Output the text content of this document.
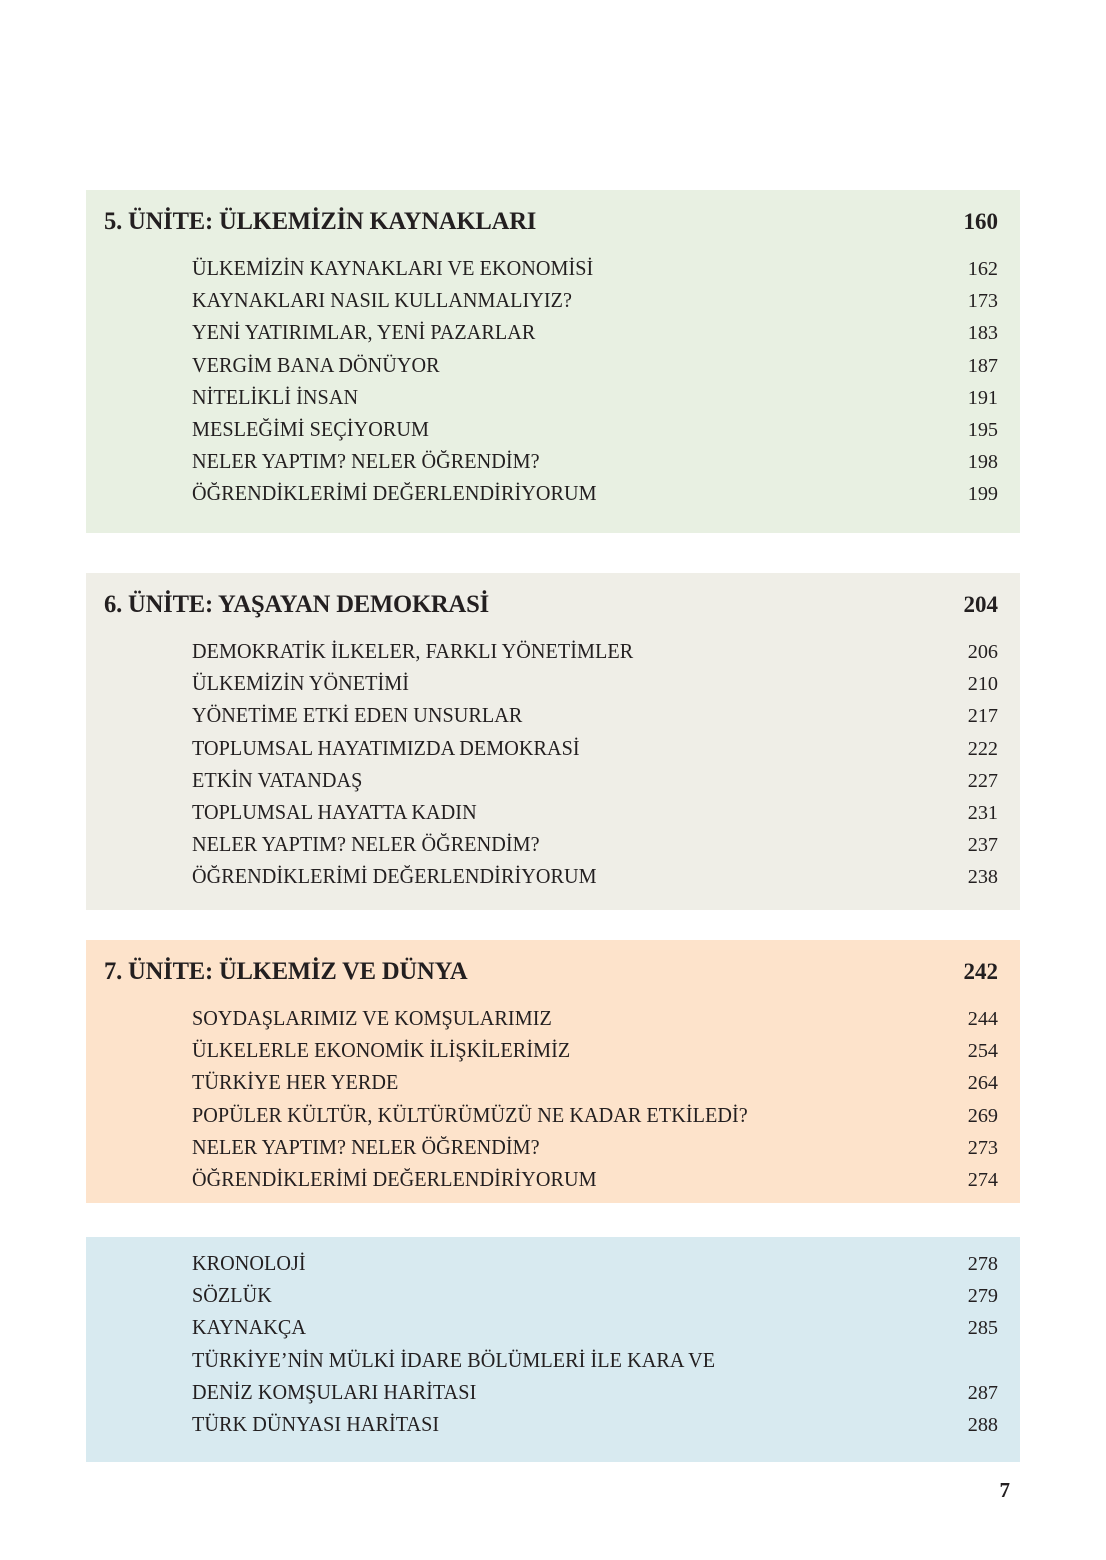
5. ÜNİTE: ÜLKEMİZİN KAYNAKLARI	160
ÜLKEMİZİN KAYNAKLARI VE EKONOMİSİ	162
KAYNAKLARI NASIL KULLANMALIYIZ?	173
YENİ YATIRIMLAR, YENİ PAZARLAR	183
VERGİM BANA DÖNÜYOR	187
NİTELİKLİ İNSAN	191
MESLEĞİMİ SEÇİYORUM	195
NELER YAPTIM? NELER ÖĞRENDİM?	198
ÖĞRENDİKLERİMİ DEĞERLENDİRİYORUM	199
6. ÜNİTE: YAŞAYAN DEMOKRASİ	204
DEMOKRATİK İLKELER, FARKLI YÖNETİMLER	206
ÜLKEMİZİN YÖNETİMİ	210
YÖNETİME ETKİ EDEN UNSURLAR	217
TOPLUMSAL HAYATIMIZDA DEMOKRASİ	222
ETKİN VATANDAŞ	227
TOPLUMSAL HAYATTA KADIN	231
NELER YAPTIM? NELER ÖĞRENDİM?	237
ÖĞRENDİKLERİMİ DEĞERLENDİRİYORUM	238
7. ÜNİTE: ÜLKEMİZ VE DÜNYA	242
SOYDAŞLARIMIZ VE KOMŞULARIMIZ	244
ÜLKELERLE EKONOMİK İLİŞKİLERİMİZ	254
TÜRKİYE HER YERDE	264
POPÜLER KÜLTÜR, KÜLTÜRÜMÜZÜ NE KADAR ETKİLEDİ?	269
NELER YAPTIM? NELER ÖĞRENDİM?	273
ÖĞRENDİKLERİMİ DEĞERLENDİRİYORUM	274
KRONOLOJİ	278
SÖZLÜK	279
KAYNAKÇA	285
TÜRKİYE’NİN MÜLKİ İDARE BÖLÜMLERİ İLE KARA VE
DENİZ KOMŞULARI HARİTASI	287
TÜRK DÜNYASI HARİTASI	288
7
